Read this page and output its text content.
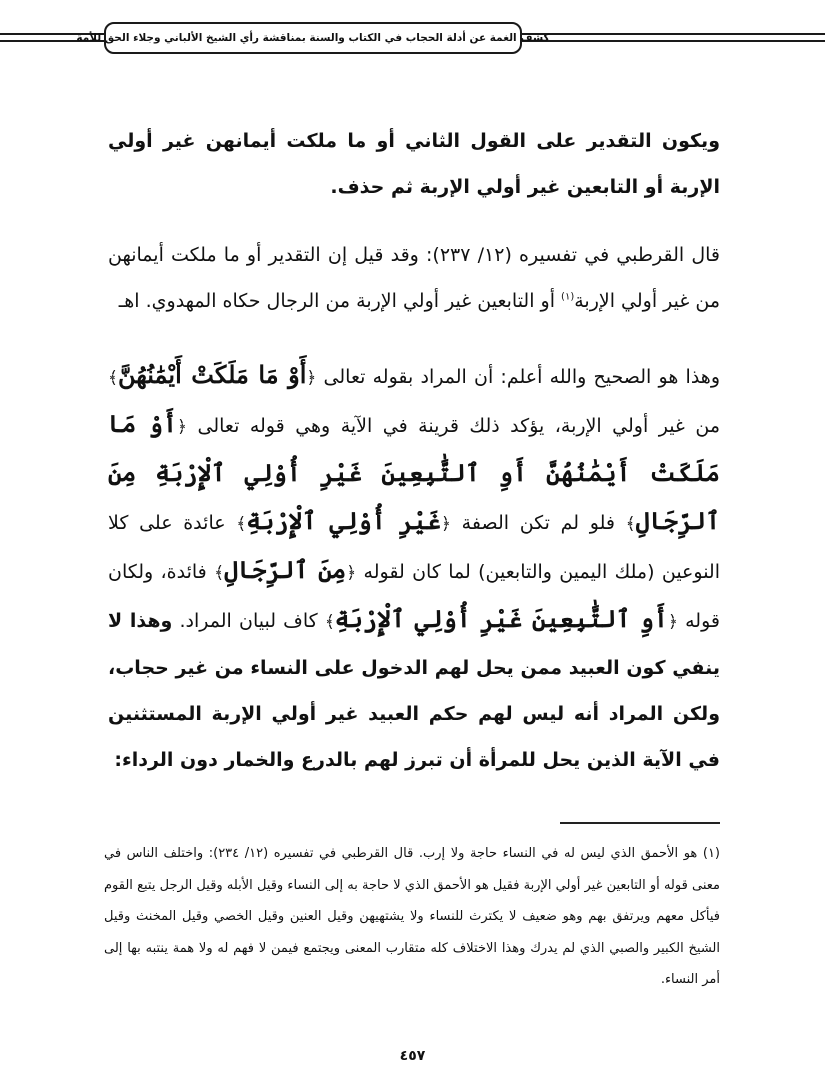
كشف الغمة عن أدلة الحجاب في الكتاب والسنة بمناقشة رأي الشيخ الألباني وجلاء الحق للأمة

ويكون التقدير على القول الثاني أو ما ملكت أيمانهن غير أولي الإربة أو التابعين غير أولي الإربة ثم حذف.

قال القرطبي في تفسيره (١٢/ ٢٣٧): وقد قيل إن التقدير أو ما ملكت أيمانهن من غير أولي الإربة$^{(١)}$ أو التابعين غير أولي الإربة من الرجال حكاه المهدوي. اهـ

وهذا هو الصحيح والله أعلم: أن المراد بقوله تعالى ﴿أَوْ مَا مَلَكَتْ أَيْمَٰنُهُنَّ﴾ من غير أولي الإربة، يؤكد ذلك قرينة في الآية وهي قوله تعالى ﴿أَوْ مَا مَلَكَتْ أَيْمَٰنُهُنَّ أَوِ ٱلتَّٰبِعِينَ غَيْرِ أُوْلِي ٱلْإِرْبَةِ مِنَ ٱلرِّجَالِ﴾ فلو لم تكن الصفة ﴿غَيْرِ أُوْلِي ٱلْإِرْبَةِ﴾ عائدة على كلا النوعين (ملك اليمين والتابعين) لما كان لقوله ﴿مِنَ ٱلرِّجَالِ﴾ فائدة، ولكان قوله ﴿أَوِ ٱلتَّٰبِعِينَ غَيْرِ أُوْلِي ٱلْإِرْبَةِ﴾ كاف لبيان المراد. وهذا لا ينفي كون العبيد ممن يحل لهم الدخول على النساء من غير حجاب، ولكن المراد أنه ليس لهم حكم العبيد غير أولي الإربة المستثنين في الآية الذين يحل للمرأة أن تبرز لهم بالدرع والخمار دون الرداء:

(١) هو الأحمق الذي ليس له في النساء حاجة ولا إرب. قال القرطبي في تفسيره (١٢/ ٢٣٤): واختلف الناس في معنى قوله أو التابعين غير أولي الإربة فقيل هو الأحمق الذي لا حاجة به إلى النساء وقيل الأبله وقيل الرجل يتبع القوم فيأكل معهم ويرتفق بهم وهو ضعيف لا يكترث للنساء ولا يشتهيهن وقيل العنين وقيل الخصي وقيل المخنث وقيل الشيخ الكبير والصبي الذي لم يدرك وهذا الاختلاف كله متقارب المعنى ويجتمع فيمن لا فهم له ولا همة ينتبه بها إلى أمر النساء.

٤٥٧
